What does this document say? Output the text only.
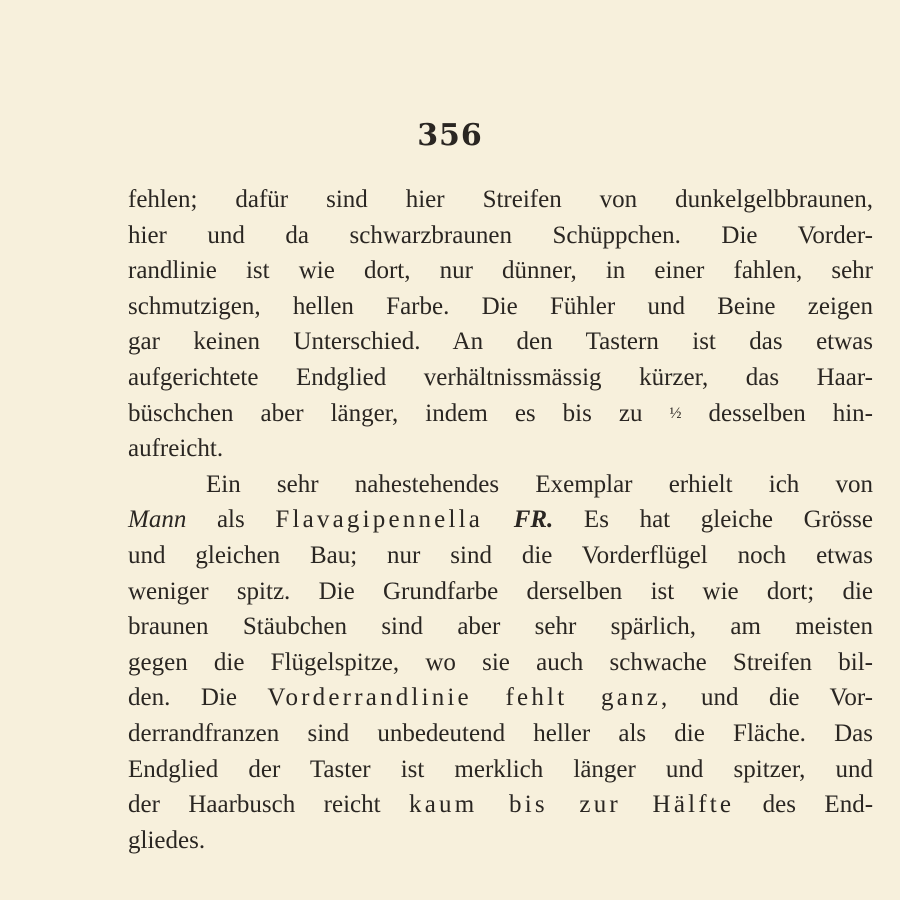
356
fehlen; dafür sind hier Streifen von dunkelgelbbraunen,
hier und da schwarzbraunen Schüppchen. Die Vorder-
randlinie ist wie dort, nur dünner, in einer fahlen, sehr
schmutzigen, hellen Farbe. Die Fühler und Beine zeigen
gar keinen Unterschied. An den Tastern ist das etwas
aufgerichtete Endglied verhältnissmässig kürzer, das Haar-
büschchen aber länger, indem es bis zu ½ desselben hin-
aufreicht.
Ein sehr nahestehendes Exemplar erhielt ich von
Mann als Flavagipennella FR. Es hat gleiche Grösse
und gleichen Bau; nur sind die Vorderflügel noch etwas
weniger spitz. Die Grundfarbe derselben ist wie dort; die
braunen Stäubchen sind aber sehr spärlich, am meisten
gegen die Flügelspitze, wo sie auch schwache Streifen bil-
den. Die Vorderrandlinie fehlt ganz, und die Vor-
derrandfranzen sind unbedeutend heller als die Fläche. Das
Endglied der Taster ist merklich länger und spitzer, und
der Haarbusch reicht kaum bis zur Hälfte des End-
gliedes.
